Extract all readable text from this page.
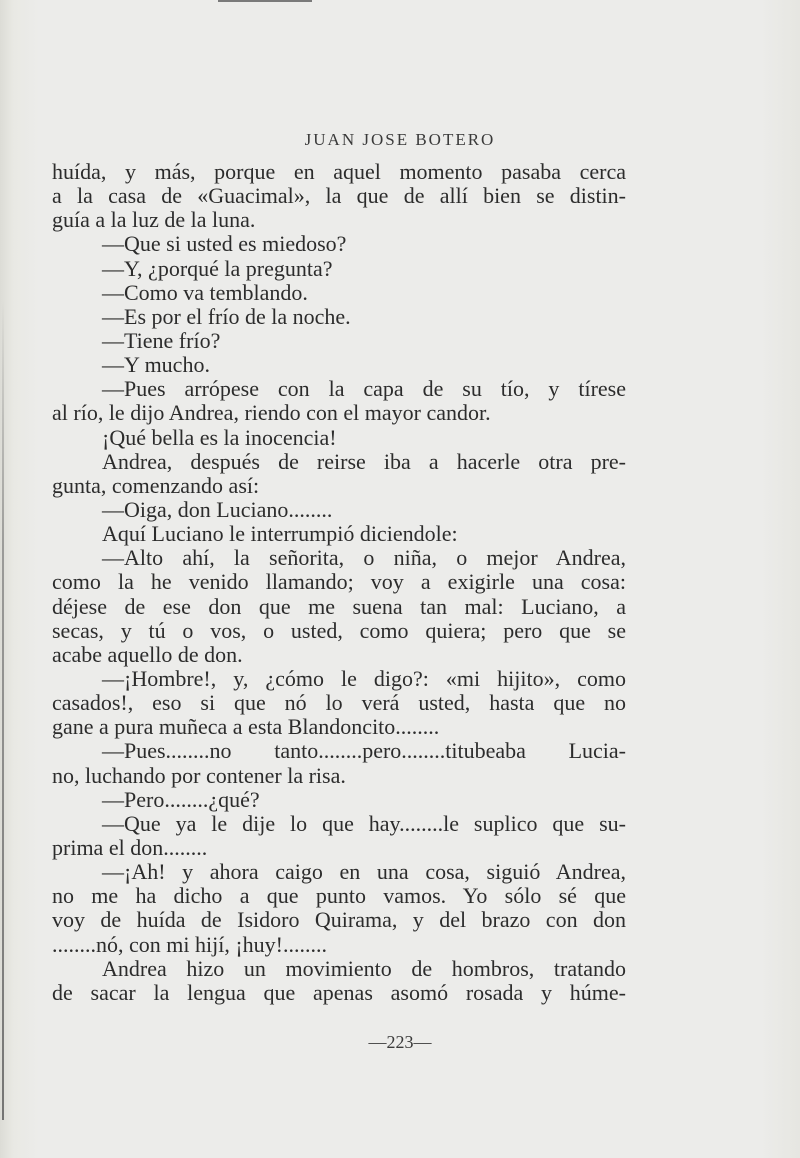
JUAN JOSE BOTERO
huída, y más, porque en aquel momento pasaba cerca
a la casa de «Guacimal», la que de allí bien se distin-
guía a la luz de la luna.
—Que si usted es miedoso?
—Y, ¿porqué la pregunta?
—Como va temblando.
—Es por el frío de la noche.
—Tiene frío?
—Y mucho.
—Pues arrópese con la capa de su tío, y tírese
al río, le dijo Andrea, riendo con el mayor candor.
¡Qué bella es la inocencia!
Andrea, después de reirse iba a hacerle otra pre-
gunta, comenzando así:
—Oiga, don Luciano........
Aquí Luciano le interrumpió diciendole:
—Alto ahí, la señorita, o niña, o mejor Andrea,
como la he venido llamando; voy a exigirle una cosa:
déjese de ese don que me suena tan mal: Luciano, a
secas, y tú o vos, o usted, como quiera; pero que se
acabe aquello de don.
—¡Hombre!, y, ¿cómo le digo?: «mi hijito», como
casados!, eso si que nó lo verá usted, hasta que no
gane a pura muñeca a esta Blandoncito........
—Pues........no tanto........pero........titubeaba Lucia-
no, luchando por contener la risa.
—Pero........¿qué?
—Que ya le dije lo que hay........le suplico que su-
prima el don........
—¡Ah! y ahora caigo en una cosa, siguió Andrea,
no me ha dicho a que punto vamos. Yo sólo sé que
voy de huída de Isidoro Quirama, y del brazo con don
........nó, con mi hijí, ¡huy!........
Andrea hizo un movimiento de hombros, tratando
de sacar la lengua que apenas asomó rosada y húme-
—223—
